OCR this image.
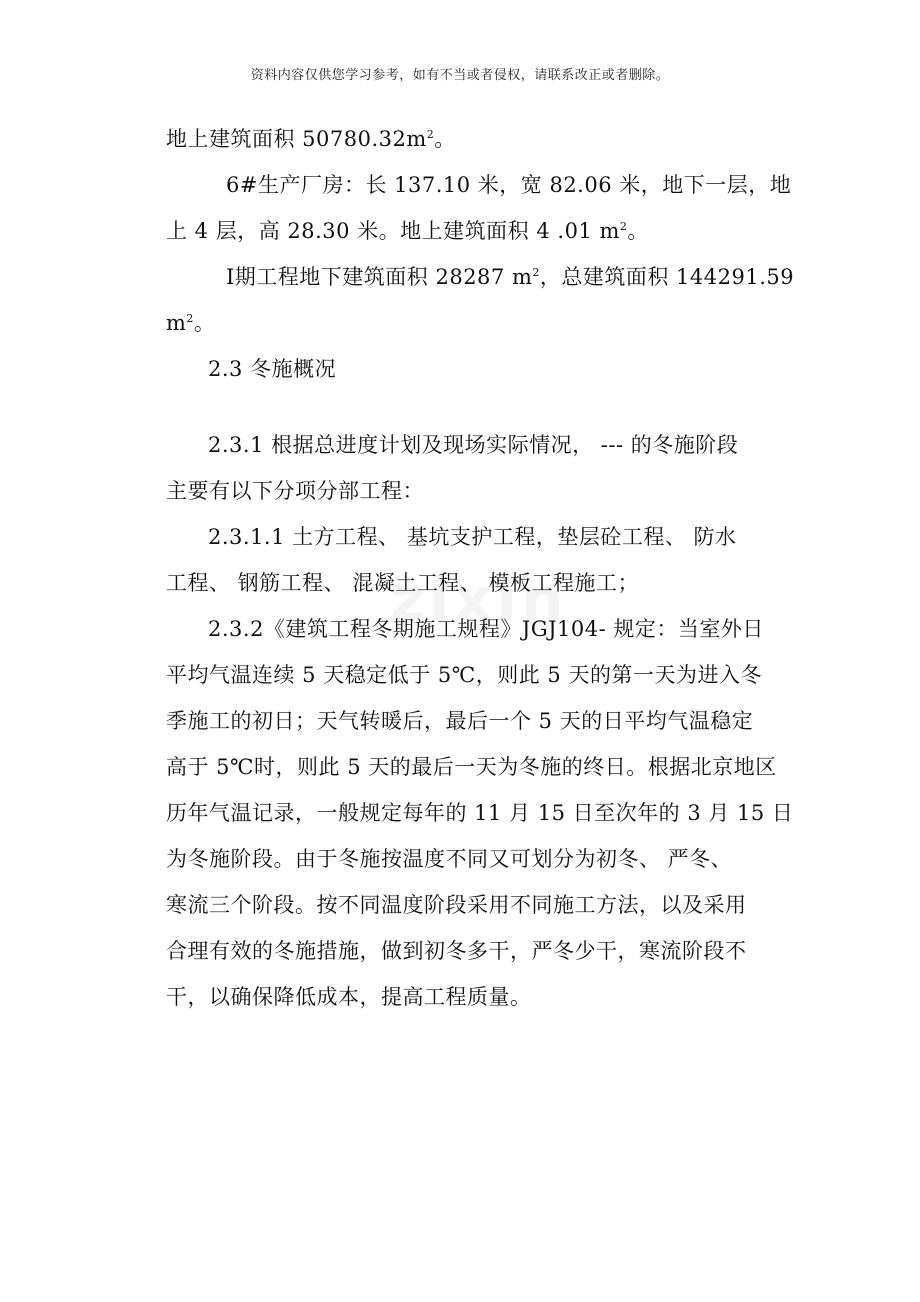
资料内容仅供您学习参考，如有不当或者侵权，请联系改正或者删除。
地上建筑面积 $50780.32m^2$。
6#生产厂房：长 137.10 米，宽 82.06 米，地下一层，地
上 4 层，高 28.30 米。地上建筑面积 4 .01 $m^2$。
Ⅰ期工程地下建筑面积 28287 $m^2$，总建筑面积 144291.59
$m^2$。
2.3 冬施概况
2.3.1 根据总进度计划及现场实际情况， --- 的冬施阶段
主要有以下分项分部工程：
2.3.1.1 土方工程、 基坑支护工程，垫层砼工程、 防水
工程、 钢筋工程、 混凝土工程、 模板工程施工；
2.3.2《建筑工程冬期施工规程》JGJ104- 规定：当室外日
平均气温连续 5 天稳定低于 5℃，则此 5 天的第一天为进入冬
季施工的初日；天气转暖后，最后一个 5 天的日平均气温稳定
高于 5℃时，则此 5 天的最后一天为冬施的终日。根据北京地区
历年气温记录，一般规定每年的 11 月 15 日至次年的 3 月 15 日
为冬施阶段。由于冬施按温度不同又可划分为初冬、 严冬、
寒流三个阶段。按不同温度阶段采用不同施工方法，以及采用
合理有效的冬施措施，做到初冬多干，严冬少干，寒流阶段不
干，以确保降低成本，提高工程质量。
